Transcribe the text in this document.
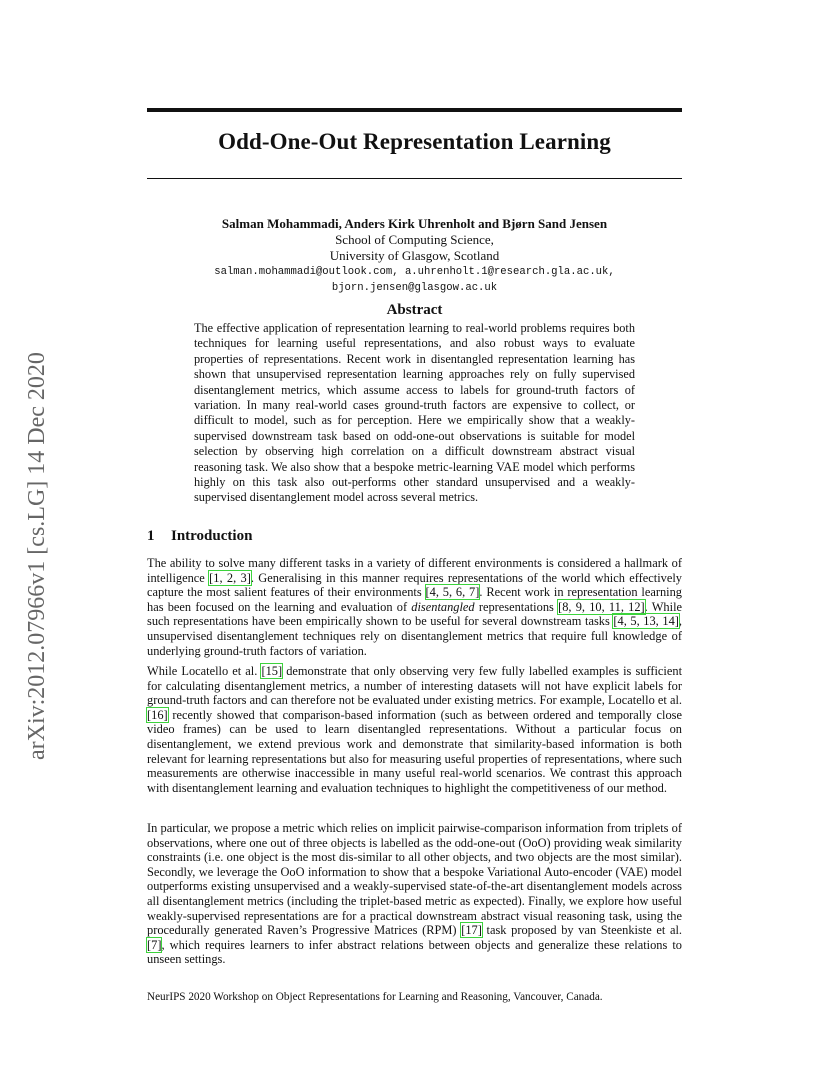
arXiv:2012.07966v1 [cs.LG] 14 Dec 2020
Odd-One-Out Representation Learning
Salman Mohammadi, Anders Kirk Uhrenholt and Bjørn Sand Jensen
School of Computing Science,
University of Glasgow, Scotland
salman.mohammadi@outlook.com, a.uhrenholt.1@research.gla.ac.uk,
bjorn.jensen@glasgow.ac.uk
Abstract
The effective application of representation learning to real-world problems requires both techniques for learning useful representations, and also robust ways to evaluate properties of representations. Recent work in disentangled representation learning has shown that unsupervised representation learning approaches rely on fully supervised disentanglement metrics, which assume access to labels for ground-truth factors of variation. In many real-world cases ground-truth factors are expensive to collect, or difficult to model, such as for perception. Here we empirically show that a weakly-supervised downstream task based on odd-one-out observations is suitable for model selection by observing high correlation on a difficult downstream abstract visual reasoning task. We also show that a bespoke metric-learning VAE model which performs highly on this task also out-performs other standard unsupervised and a weakly-supervised disentanglement model across several metrics.
1 Introduction
The ability to solve many different tasks in a variety of different environments is considered a hallmark of intelligence [1, 2, 3]. Generalising in this manner requires representations of the world which effectively capture the most salient features of their environments [4, 5, 6, 7]. Recent work in representation learning has been focused on the learning and evaluation of disentangled representations [8, 9, 10, 11, 12]. While such representations have been empirically shown to be useful for several downstream tasks [4, 5, 13, 14], unsupervised disentanglement techniques rely on disentanglement metrics that require full knowledge of underlying ground-truth factors of variation.
While Locatello et al. [15] demonstrate that only observing very few fully labelled examples is sufficient for calculating disentanglement metrics, a number of interesting datasets will not have explicit labels for ground-truth factors and can therefore not be evaluated under existing metrics. For example, Locatello et al. [16] recently showed that comparison-based information (such as between ordered and temporally close video frames) can be used to learn disentangled representations. Without a particular focus on disentanglement, we extend previous work and demonstrate that similarity-based information is both relevant for learning representations but also for measuring useful properties of representations, where such measurements are otherwise inaccessible in many useful real-world scenarios. We contrast this approach with disentanglement learning and evaluation techniques to highlight the competitiveness of our method.
In particular, we propose a metric which relies on implicit pairwise-comparison information from triplets of observations, where one out of three objects is labelled as the odd-one-out (OoO) providing weak similarity constraints (i.e. one object is the most dis-similar to all other objects, and two objects are the most similar). Secondly, we leverage the OoO information to show that a bespoke Variational Auto-encoder (VAE) model outperforms existing unsupervised and a weakly-supervised state-of-the-art disentanglement models across all disentanglement metrics (including the triplet-based metric as expected). Finally, we explore how useful weakly-supervised representations are for a practical downstream abstract visual reasoning task, using the procedurally generated Raven’s Progressive Matrices (RPM) [17] task proposed by van Steenkiste et al. [7], which requires learners to infer abstract relations between objects and generalize these relations to unseen settings.
NeurIPS 2020 Workshop on Object Representations for Learning and Reasoning, Vancouver, Canada.
